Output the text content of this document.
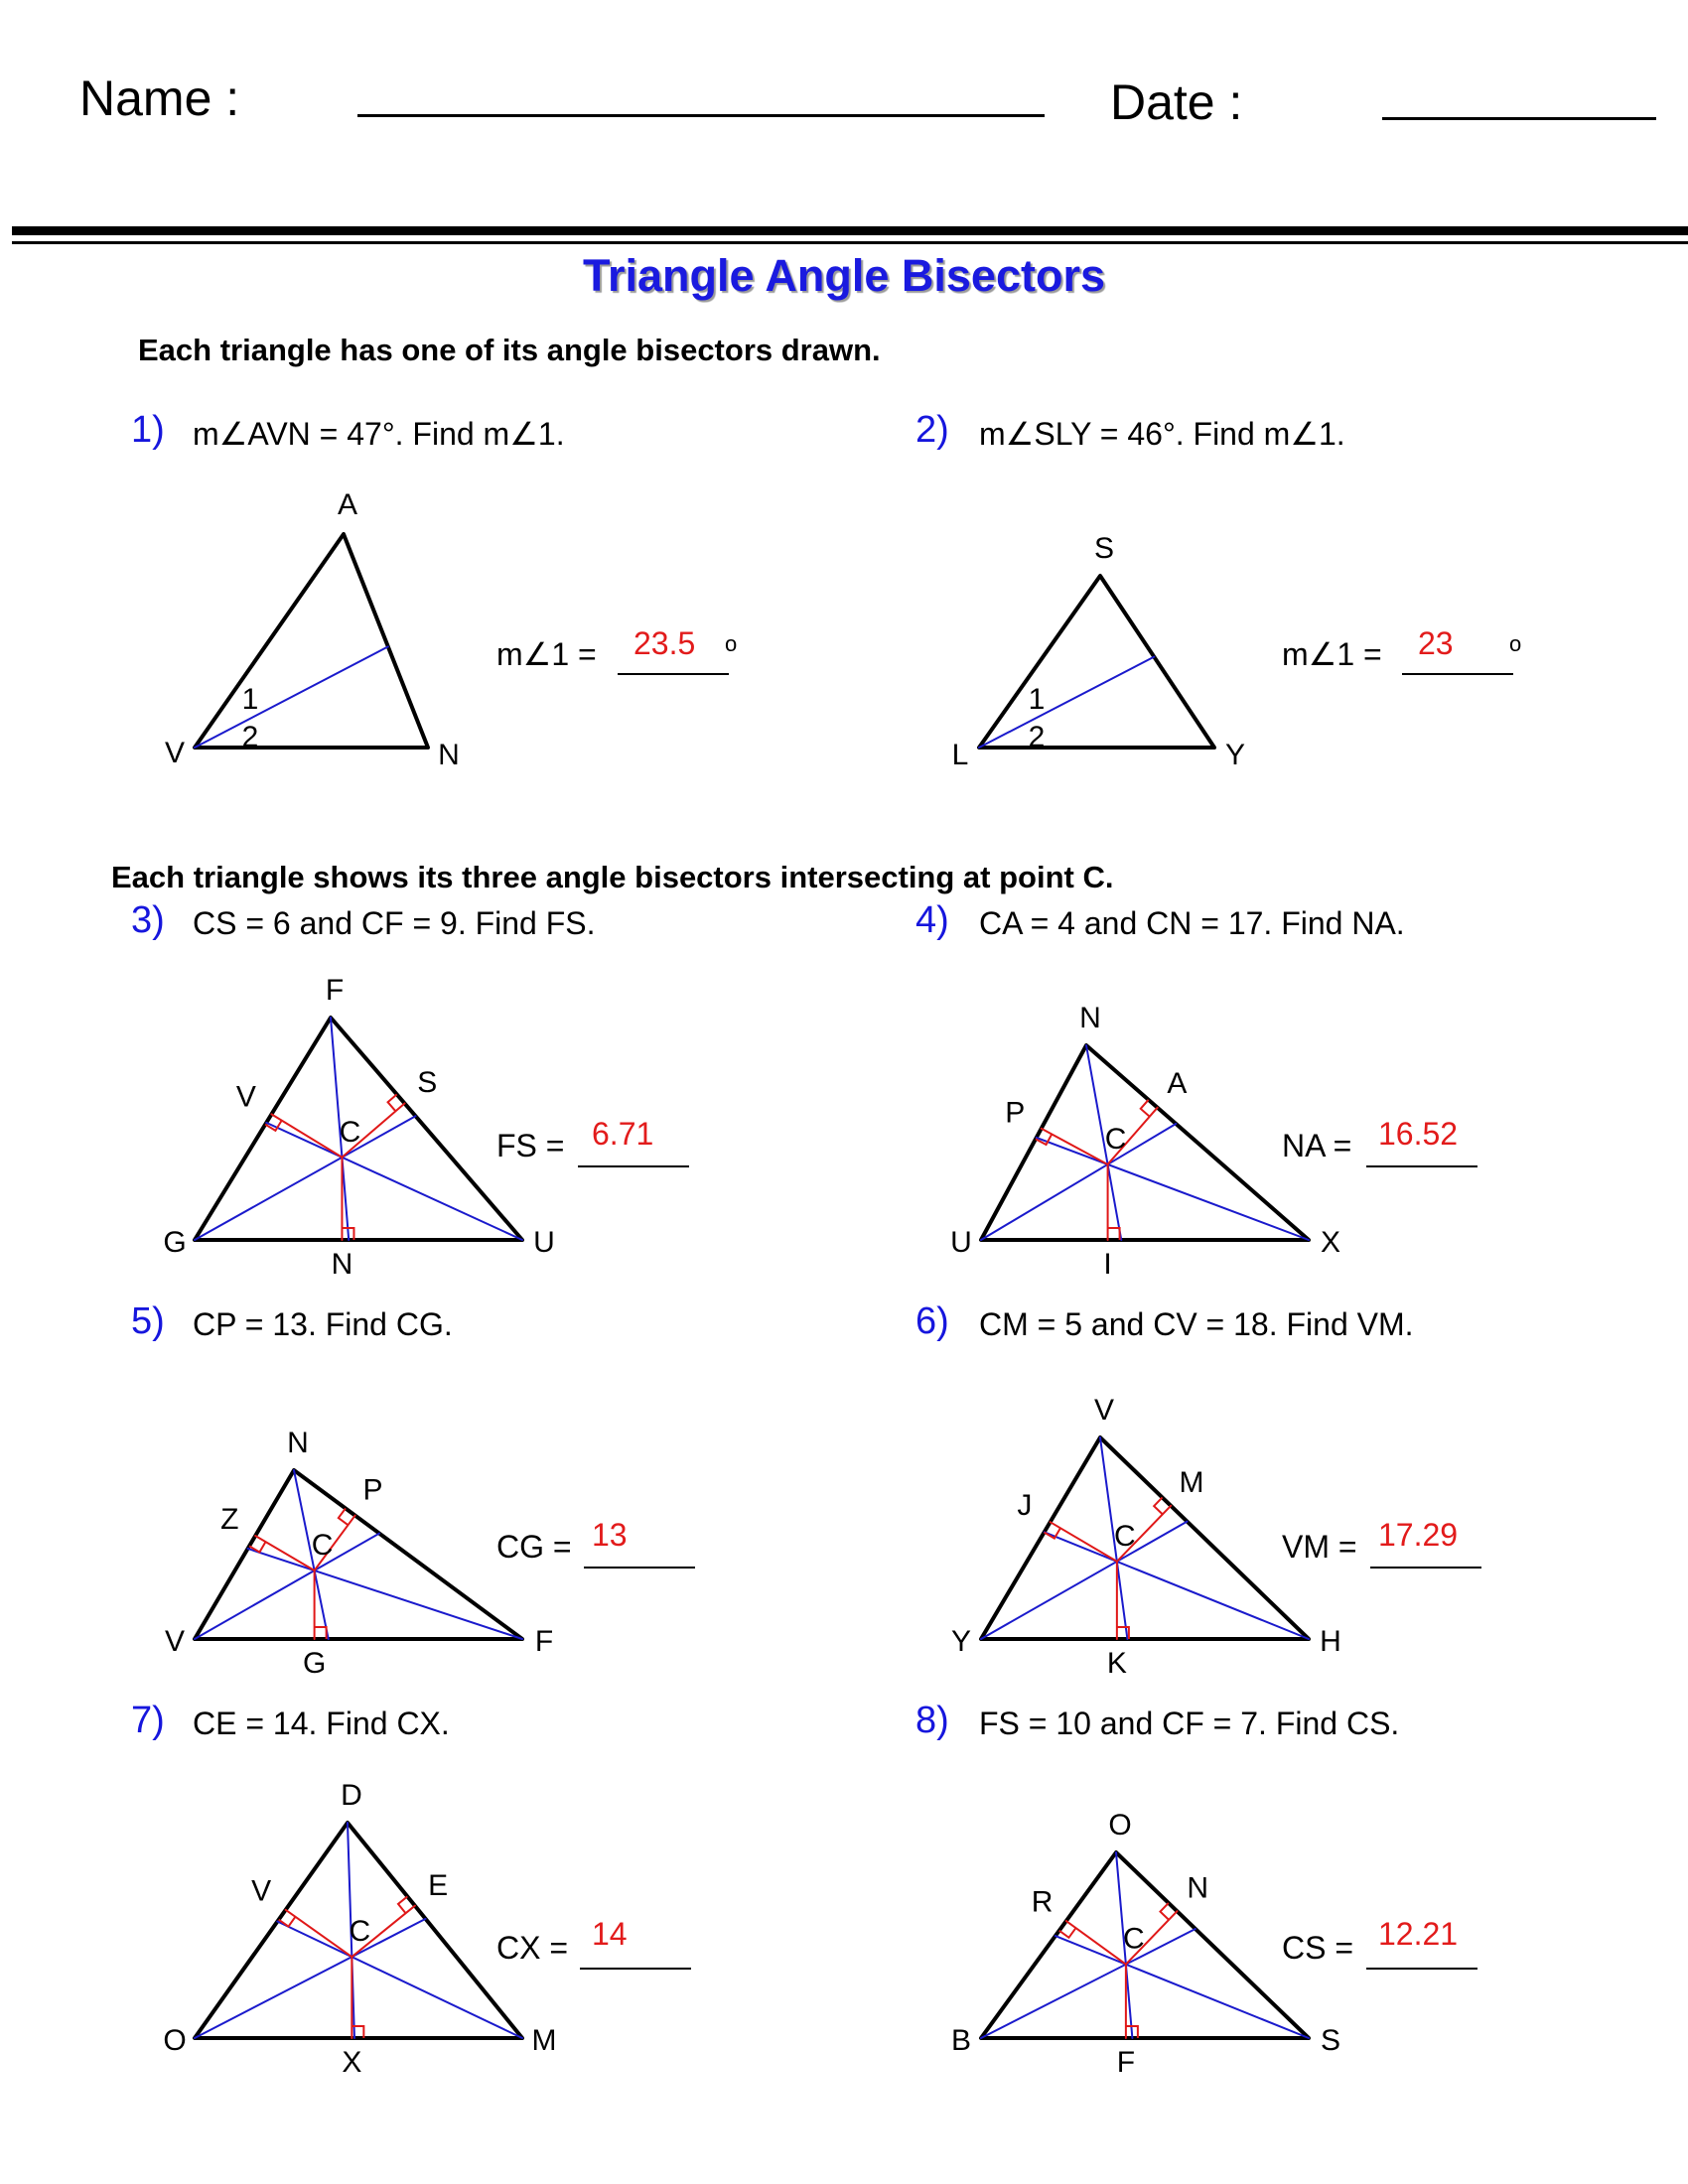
Name :	Date :
Triangle Angle Bisectors
Each triangle has one of its angle bisectors drawn.
Each triangle shows its three angle bisectors intersecting at point C.
1) m∠AVN = 47°. Find m∠1.
m∠1 = 23.5 o
2) m∠SLY = 46°. Find m∠1.
m∠1 = 23	o
3) CS = 6 and CF = 9. Find FS.
FS = 6.71
4) CA = 4 and CN = 17. Find NA.
NA = 16.52
5) CP = 13. Find CG.
CG = 13
6) CM = 5 and CV = 18. Find VM.
VM = 17.29
7) CE = 14. Find CX.
CX = 14
8) FS = 10 and CF = 7. Find CS.
CS = 12.21
A
V	N
1
2
S
L	Y
1
2
F
G	U
V	S
N
C
N
U	X
P
A
I
C
N
V	F
Z
P
G
C
V
Y	H
J
M
K
C
D
O	M
V	E
X
C
O
B	S
R	N
F
C
